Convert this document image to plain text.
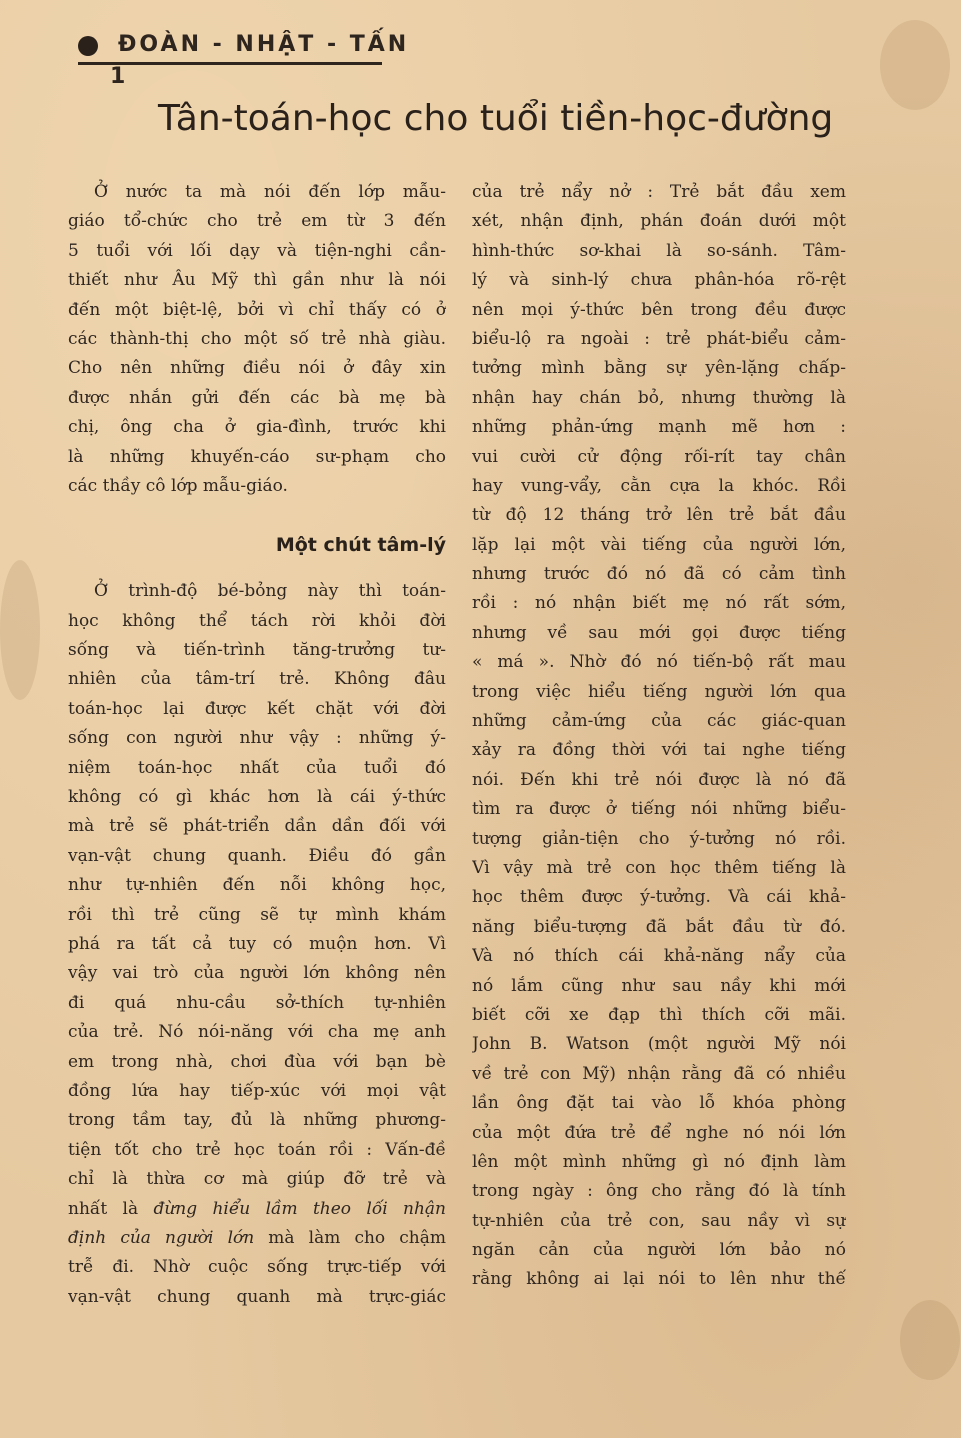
ĐOÀN - NHẬT - TẤN
1
Tân-toán-học cho tuổi tiền-học-đường
Ở nước ta mà nói đến lớp mẫu-
giáo tổ-chức cho trẻ em từ 3 đến
5 tuổi với lối dạy và tiện-nghi cần-
thiết như Âu Mỹ thì gần như là nói
đến một biệt-lệ, bởi vì chỉ thấy có ở
các thành-thị cho một số trẻ nhà giàu.
Cho nên những điều nói ở đây xin
được nhắn gửi đến các bà mẹ bà
chị, ông cha ở gia-đình, trước khi
là những khuyến-cáo sư-phạm cho
các thầy cô lớp mẫu-giáo.
Một chút tâm-lý
Ở trình-độ bé-bỏng này thì toán-
học không thể tách rời khỏi đời
sống và tiến-trình tăng-trưởng tư-
nhiên của tâm-trí trẻ. Không đâu
toán-học lại được kết chặt với đời
sống con người như vậy : những ý-
niệm toán-học nhất của tuổi đó
không có gì khác hơn là cái ý-thức
mà trẻ sẽ phát-triển dần dần đối với
vạn-vật chung quanh. Điều đó gần
như tự-nhiên đến nỗi không học,
rồi thì trẻ cũng sẽ tự mình khám
phá ra tất cả tuy có muộn hơn. Vì
vậy vai trò của người lớn không nên
đi quá nhu-cầu sở-thích tự-nhiên
của trẻ. Nó nói-năng với cha mẹ anh
em trong nhà, chơi đùa với bạn bè
đồng lứa hay tiếp-xúc với mọi vật
trong tầm tay, đủ là những phương-
tiện tốt cho trẻ học toán rồi : Vấn-đề
chỉ là thừa cơ mà giúp đỡ trẻ và
nhất là đừng hiểu lầm theo lối nhận
định của người lớn mà làm cho chậm
trễ đi. Nhờ cuộc sống trực-tiếp với
vạn-vật chung quanh mà trực-giác
của trẻ nẩy nở : Trẻ bắt đầu xem
xét, nhận định, phán đoán dưới một
hình-thức sơ-khai là so-sánh. Tâm-
lý và sinh-lý chưa phân-hóa rõ-rệt
nên mọi ý-thức bên trong đều được
biểu-lộ ra ngoài : trẻ phát-biểu cảm-
tưởng mình bằng sự yên-lặng chấp-
nhận hay chán bỏ, nhưng thường là
những phản-ứng mạnh mẽ hơn :
vui cười cử động rối-rít tay chân
hay vung-vẩy, cằn cựa la khóc. Rồi
từ độ 12 tháng trở lên trẻ bắt đầu
lặp lại một vài tiếng của người lớn,
nhưng trước đó nó đã có cảm tình
rồi : nó nhận biết mẹ nó rất sớm,
nhưng về sau mới gọi được tiếng
« má ». Nhờ đó nó tiến-bộ rất mau
trong việc hiểu tiếng người lớn qua
những cảm-ứng của các giác-quan
xảy ra đồng thời với tai nghe tiếng
nói. Đến khi trẻ nói được là nó đã
tìm ra được ở tiếng nói những biểu-
tượng giản-tiện cho ý-tưởng nó rồi.
Vì vậy mà trẻ con học thêm tiếng là
học thêm được ý-tưởng. Và cái khả-
năng biểu-tượng đã bắt đầu từ đó.
Và nó thích cái khả-năng nẩy của
nó lắm cũng như sau nầy khi mới
biết cỡi xe đạp thì thích cỡi mãi.
John B. Watson (một người Mỹ nói
về trẻ con Mỹ) nhận rằng đã có nhiều
lần ông đặt tai vào lỗ khóa phòng
của một đứa trẻ để nghe nó nói lớn
lên một mình những gì nó định làm
trong ngày : ông cho rằng đó là tính
tự-nhiên của trẻ con, sau nầy vì sự
ngăn cản của người lớn bảo nó
rằng không ai lại nói to lên như thế
